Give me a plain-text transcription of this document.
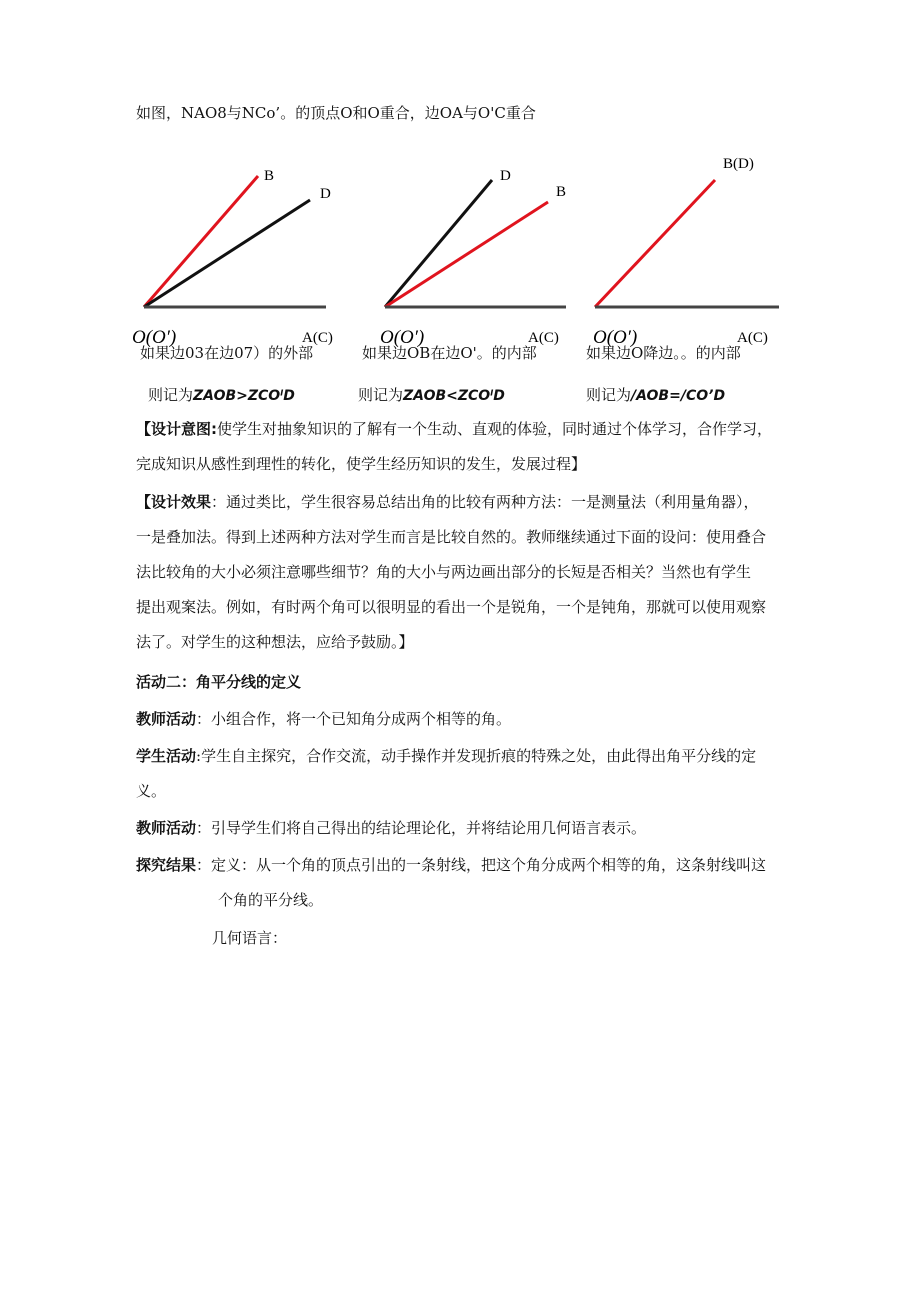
如图，NAO8与NCo’。的顶点O和O重合，边OA与O'C重合
B
D
O(O′)	A(C)
D
B
O(O′)	A(C)
B(D)
O(O′)	A(C)
如果边03在边07）的外部	如果边OB在边O'。的内部	如果边O降边。。的内部
则记为ZAOB>ZCOˡD	则记为ZAOB<ZCOˡD	则记为/AOB=/CO’D
【设计意图:使学生对抽象知识的了解有一个生动、直观的体验，同时通过个体学习，合作学习，
完成知识从感性到理性的转化，使学生经历知识的发生，发展过程】
【设计效果：通过类比，学生很容易总结出角的比较有两种方法：一是测量法（利用量角器），
一是叠加法。得到上述两种方法对学生而言是比较自然的。教师继续通过下面的设问：使用叠合
法比较角的大小必须注意哪些细节？角的大小与两边画出部分的长短是否相关？当然也有学生
提出观案法。例如，有时两个角可以很明显的看出一个是锐角，一个是钝角，那就可以使用观察
法了。对学生的这种想法，应给予鼓励。】
活动二：角平分线的定义
教师活动：小组合作，将一个已知角分成两个相等的角。
学生活动:学生自主探究，合作交流，动手操作并发现折痕的特殊之处，由此得出角平分线的定
义。
教师活动：引导学生们将自己得出的结论理论化，并将结论用几何语言表示。
探究结果：定义：从一个角的顶点引出的一条射线，把这个角分成两个相等的角，这条射线叫这
个角的平分线。
几何语言：
